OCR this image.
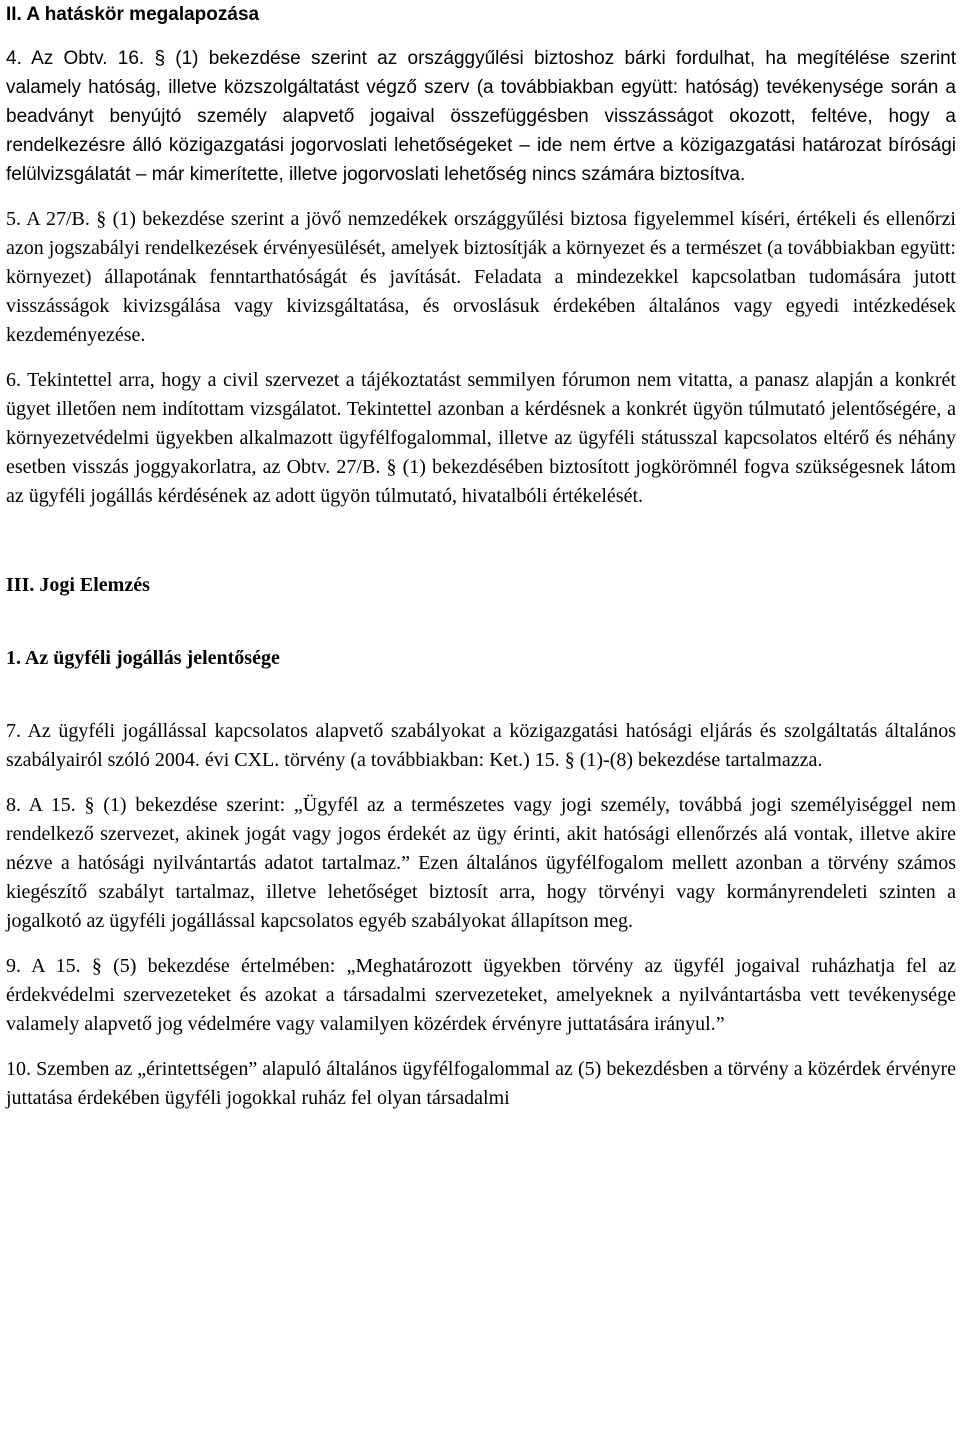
II. A hatáskör megalapozása

4. Az Obtv. 16. § (1) bekezdése szerint az országgyűlési biztoshoz bárki fordulhat, ha megítélése szerint valamely hatóság, illetve közszolgáltatást végző szerv (a továbbiakban együtt: hatóság) tevékenysége során a beadványt benyújtó személy alapvető jogaival összefüggésben visszásságot okozott, feltéve, hogy a rendelkezésre álló közigazgatási jogorvoslati lehetőségeket – ide nem értve a közigazgatási határozat bírósági felülvizsgálatát – már kimerítette, illetve jogorvoslati lehetőség nincs számára biztosítva.

5. A 27/B. § (1) bekezdése szerint a jövő nemzedékek országgyűlési biztosa figyelemmel kíséri, értékeli és ellenőrzi azon jogszabályi rendelkezések érvényesülését, amelyek biztosítják a környezet és a természet (a továbbiakban együtt: környezet) állapotának fenntarthatóságát és javítását. Feladata a mindezekkel kapcsolatban tudomására jutott visszásságok kivizsgálása vagy kivizsgáltatása, és orvoslásuk érdekében általános vagy egyedi intézkedések kezdeményezése.

6. Tekintettel arra, hogy a civil szervezet a tájékoztatást semmilyen fórumon nem vitatta, a panasz alapján a konkrét ügyet illetően nem indítottam vizsgálatot. Tekintettel azonban a kérdésnek a konkrét ügyön túlmutató jelentőségére, a környezetvédelmi ügyekben alkalmazott ügyfélfogalommal, illetve az ügyféli státusszal kapcsolatos eltérő és néhány esetben visszás joggyakorlatra, az Obtv. 27/B. § (1) bekezdésében biztosított jogkörömnél fogva szükségesnek látom az ügyféli jogállás kérdésének az adott ügyön túlmutató, hivatalbóli értékelését.

III. Jogi Elemzés

1. Az ügyféli jogállás jelentősége

7. Az ügyféli jogállással kapcsolatos alapvető szabályokat a közigazgatási hatósági eljárás és szolgáltatás általános szabályairól szóló 2004. évi CXL. törvény (a továbbiakban: Ket.) 15. § (1)-(8) bekezdése tartalmazza.

8. A 15. § (1) bekezdése szerint: „Ügyfél az a természetes vagy jogi személy, továbbá jogi személyiséggel nem rendelkező szervezet, akinek jogát vagy jogos érdekét az ügy érinti, akit hatósági ellenőrzés alá vontak, illetve akire nézve a hatósági nyilvántartás adatot tartalmaz.” Ezen általános ügyfélfogalom mellett azonban a törvény számos kiegészítő szabályt tartalmaz, illetve lehetőséget biztosít arra, hogy törvényi vagy kormányrendeleti szinten a jogalkotó az ügyféli jogállással kapcsolatos egyéb szabályokat állapítson meg.

9. A 15. § (5) bekezdése értelmében: „Meghatározott ügyekben törvény az ügyfél jogaival ruházhatja fel az érdekvédelmi szervezeteket és azokat a társadalmi szervezeteket, amelyeknek a nyilvántartásba vett tevékenysége valamely alapvető jog védelmére vagy valamilyen közérdek érvényre juttatására irányul.”

10. Szemben az „érintettségen” alapuló általános ügyfélfogalommal az (5) bekezdésben a törvény a közérdek érvényre juttatása érdekében ügyféli jogokkal ruház fel olyan társadalmi
